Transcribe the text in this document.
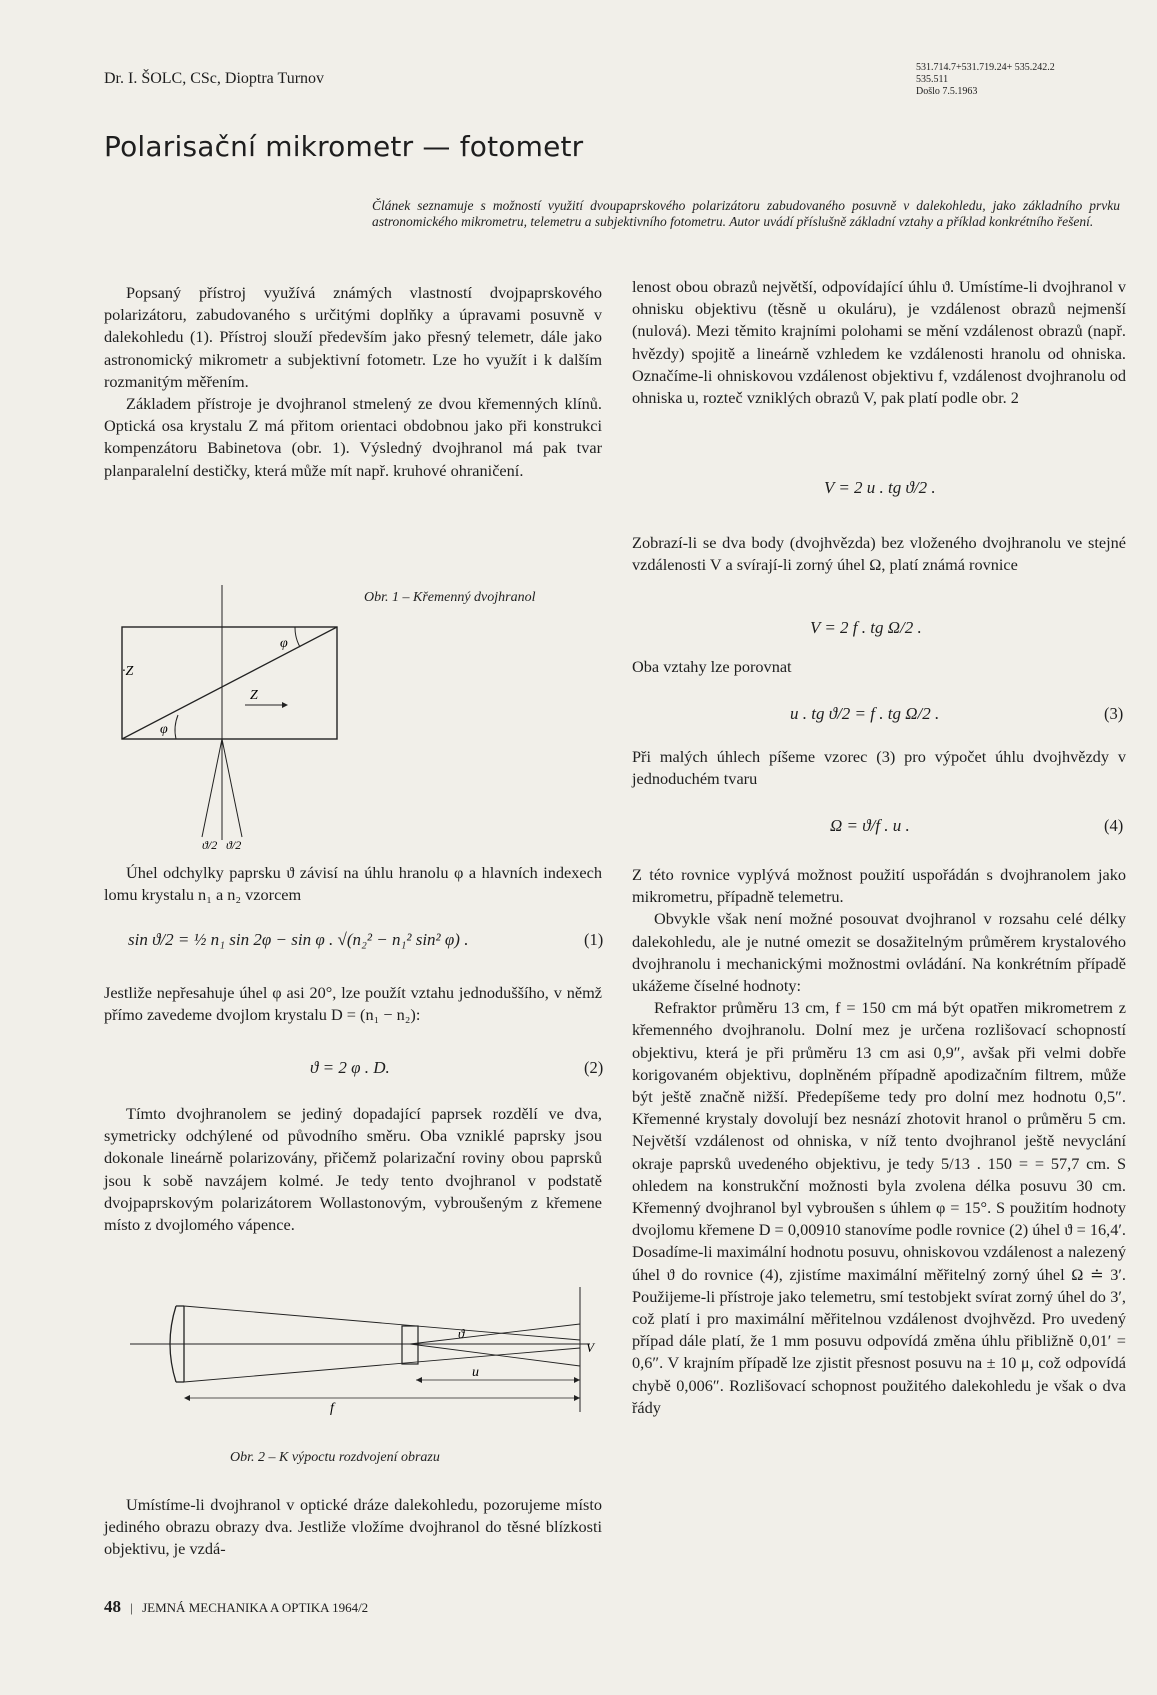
Dr. I. ŠOLC, CSc, Dioptra Turnov
531.714.7+531.719.24+ 535.242.2
535.511
Došlo 7.5.1963
Polarisační mikrometr — fotometr
Článek seznamuje s možností využití dvoupaprskového polarizátoru zabudovaného posuvně v dalekohledu, jako základního prvku astronomického mikrometru, telemetru a subjektivního fotometru. Autor uvádí příslušně základní vztahy a příklad konkrétního řešení.

Popsaný přístroj využívá známých vlastností dvojpaprskového polarizátoru, zabudovaného s určitými doplňky a úpravami posuvně v dalekohledu (1). Přístroj slouží především jako přesný telemetr, dále jako astronomický mikrometr a subjektivní fotometr. Lze ho využít i k dalším rozmanitým měřením.

Základem přístroje je dvojhranol stmelený ze dvou křemenných klínů. Optická osa krystalu Z má přitom orientaci obdobnou jako při konstrukci kompenzátoru Babinetova (obr. 1). Výsledný dvojhranol má pak tvar planparalelní destičky, která může mít např. kruhové ohraničení.

Obr. 1 – Křemenný dvojhranol
·Z
Z
φ
φ
ϑ/2 ϑ/2

Úhel odchylky paprsku ϑ závisí na úhlu hranolu φ a hlavních indexech lomu krystalu n₁ a n₂ vzorcem

sin ϑ/2 = ½ n₁ sin 2φ − sin φ . √(n₂² − n₁² sin² φ) .	(1)

Jestliže nepřesahuje úhel φ asi 20°, lze použít vztahu jednoduššího, v němž přímo zavedeme dvojlom krystalu D = (n₁ − n₂):

ϑ = 2 φ . D.	(2)

Tímto dvojhranolem se jediný dopadající paprsek rozdělí ve dva, symetricky odchýlené od původního směru. Oba vzniklé paprsky jsou dokonale lineárně polarizovány, přičemž polarizační roviny obou paprsků jsou k sobě navzájem kolmé. Je tedy tento dvojhranol v podstatě dvojpaprskovým polarizátorem Wollastonovým, vybroušeným z křemene místo z dvojlomého vápence.

f
u
V
ϑ
Obr. 2 – K výpoctu rozdvojení obrazu

Umístíme-li dvojhranol v optické dráze dalekohledu, pozorujeme místo jediného obrazu obrazy dva. Jestliže vložíme dvojhranol do těsné blízkosti objektivu, je vzdá-

lenost obou obrazů největší, odpovídající úhlu ϑ. Umístíme-li dvojhranol v ohnisku objektivu (těsně u okuláru), je vzdálenost obrazů nejmenší (nulová). Mezi těmito krajními polohami se mění vzdálenost obrazů (např. hvězdy) spojitě a lineárně vzhledem ke vzdálenosti hranolu od ohniska. Označíme-li ohniskovou vzdálenost objektivu f, vzdálenost dvojhranolu od ohniska u, rozteč vzniklých obrazů V, pak platí podle obr. 2

V = 2 u . tg ϑ/2 .

Zobrazí-li se dva body (dvojhvězda) bez vloženého dvojhranolu ve stejné vzdálenosti V a svírají-li zorný úhel Ω, platí známá rovnice

V = 2 f . tg Ω/2 .

Oba vztahy lze porovnat

u . tg ϑ/2 = f . tg Ω/2 .	(3)

Při malých úhlech píšeme vzorec (3) pro výpočet úhlu dvojhvězdy v jednoduchém tvaru

Ω = ϑ/f . u .	(4)

Z této rovnice vyplývá možnost použití uspořádán s dvojhranolem jako mikrometru, případně telemetru.

Obvykle však není možné posouvat dvojhranol v rozsahu celé délky dalekohledu, ale je nutné omezit se dosažitelným průměrem krystalového dvojhranolu i mechanickými možnostmi ovládání. Na konkrétním případě ukážeme číselné hodnoty:

Refraktor průměru 13 cm, f = 150 cm má být opatřen mikrometrem z křemenného dvojhranolu. Dolní mez je určena rozlišovací schopností objektivu, která je při průměru 13 cm asi 0,9″, avšak při velmi dobře korigovaném objektivu, doplněném případně apodizačním filtrem, může být ještě značně nižší. Předepíšeme tedy pro dolní mez hodnotu 0,5″. Křemenné krystaly dovolují bez nesnází zhotovit hranol o průměru 5 cm. Největší vzdálenost od ohniska, v níž tento dvojhranol ještě nevyclání okraje paprsků uvedeného objektivu, je tedy 5/13 . 150 = = 57,7 cm. S ohledem na konstrukční možnosti byla zvolena délka posuvu 30 cm. Křemenný dvojhranol byl vybroušen s úhlem φ = 15°. S použitím hodnoty dvojlomu křemene D = 0,00910 stanovíme podle rovnice (2) úhel ϑ = 16,4′. Dosadíme-li maximální hodnotu posuvu, ohniskovou vzdálenost a nalezený úhel ϑ do rovnice (4), zjistíme maximální měřitelný zorný úhel Ω ≐ 3′. Použijeme-li přístroje jako telemetru, smí testobjekt svírat zorný úhel do 3′, což platí i pro maximální měřitelnou vzdálenost dvojhvězd. Pro uvedený případ dále platí, že 1 mm posuvu odpovídá změna úhlu přibližně 0,01′ = 0,6″. V krajním případě lze zjistit přesnost posuvu na ± 10 μ, což odpovídá chybě 0,006″. Rozlišovací schopnost použitého dalekohledu je však o dva řády

48 | JEMNÁ MECHANIKA A OPTIKA 1964/2
